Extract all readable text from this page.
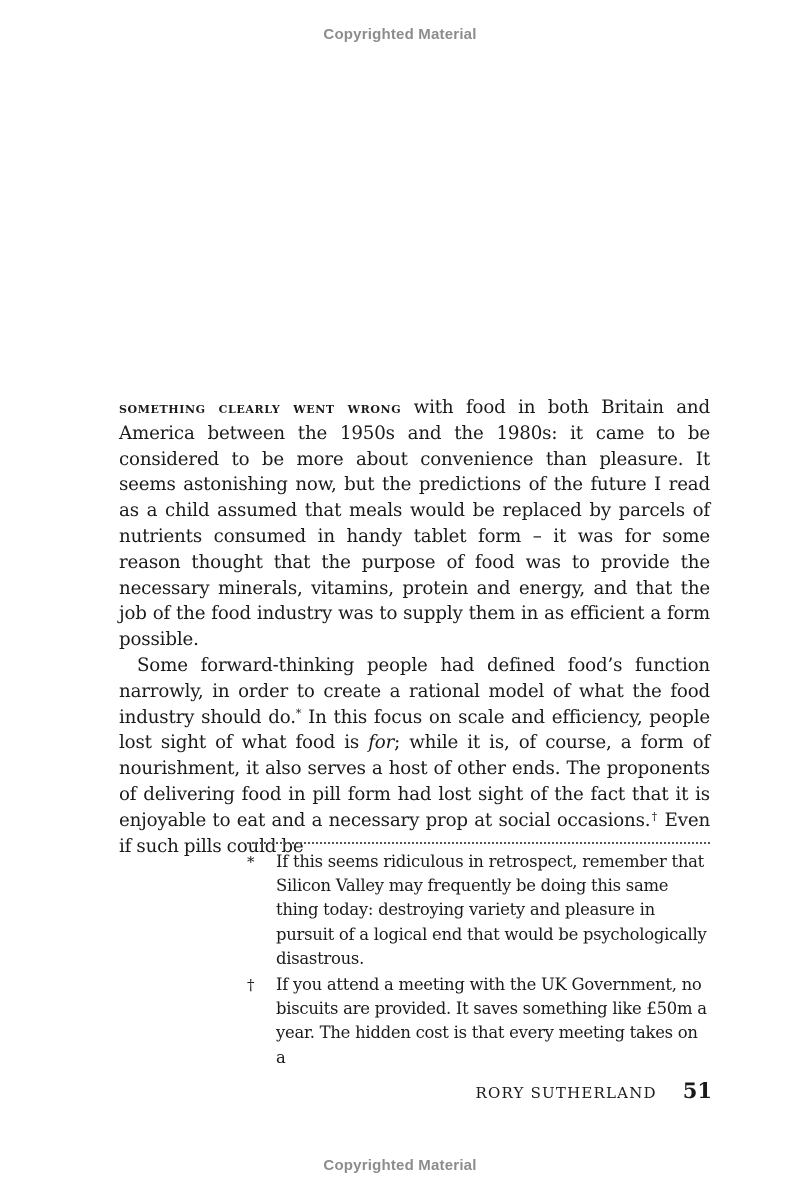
Copyrighted Material

something clearly went wrong with food in both Britain and America between the 1950s and the 1980s: it came to be considered to be more about convenience than pleasure. It seems astonishing now, but the predictions of the future I read as a child assumed that meals would be replaced by parcels of nutrients consumed in handy tablet form – it was for some reason thought that the purpose of food was to provide the necessary minerals, vitamins, protein and energy, and that the job of the food industry was to supply them in as efficient a form possible.

Some forward-thinking people had defined food’s function narrowly, in order to create a rational model of what the food industry should do.* In this focus on scale and efficiency, people lost sight of what food is for; while it is, of course, a form of nourishment, it also serves a host of other ends. The proponents of delivering food in pill form had lost sight of the fact that it is enjoyable to eat and a necessary prop at social occasions.† Even if such pills could be

*	If this seems ridiculous in retrospect, remember that Silicon Valley may frequently be doing this same thing today: destroying variety and pleasure in pursuit of a logical end that would be psychologically disastrous.
†	If you attend a meeting with the UK Government, no biscuits are provided. It saves something like £50m a year. The hidden cost is that every meeting takes on a
RORY SUTHERLAND 51
Copyrighted Material
